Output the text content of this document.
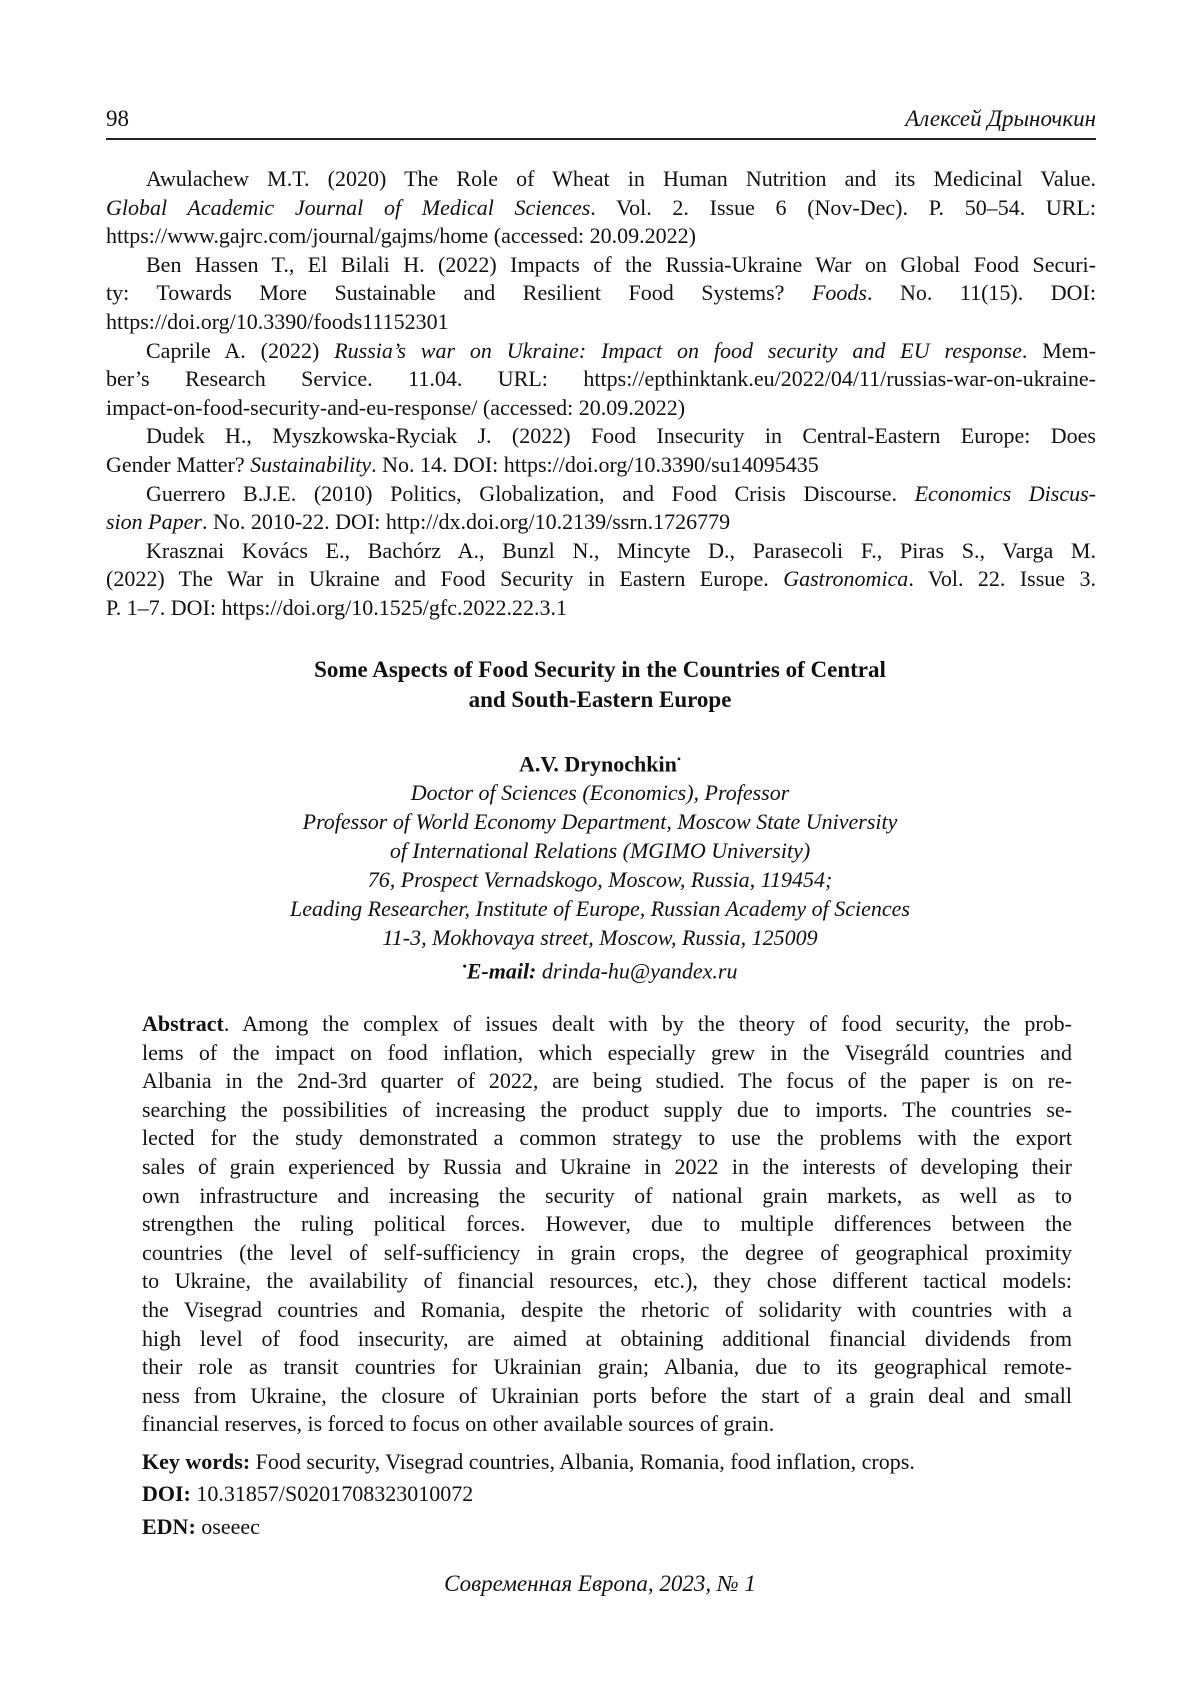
98	Алексей Дрыночкин
Awulachew M.T. (2020) The Role of Wheat in Human Nutrition and its Medicinal Value.
Global Academic Journal of Medical Sciences. Vol. 2. Issue 6 (Nov-Dec). P. 50–54. URL:
https://www.gajrc.com/journal/gajms/home (accessed: 20.09.2022)
Ben Hassen T., El Bilali H. (2022) Impacts of the Russia-Ukraine War on Global Food Securi-
ty: Towards More Sustainable and Resilient Food Systems? Foods. No. 11(15). DOI:
https://doi.org/10.3390/foods11152301
Caprile A. (2022) Russia’s war on Ukraine: Impact on food security and EU response. Mem-
ber’s Research Service. 11.04. URL: https://epthinktank.eu/2022/04/11/russias-war-on-ukraine-
impact-on-food-security-and-eu-response/ (accessed: 20.09.2022)
Dudek H., Myszkowska-Ryciak J. (2022) Food Insecurity in Central-Eastern Europe: Does
Gender Matter? Sustainability. No. 14. DOI: https://doi.org/10.3390/su14095435
Guerrero B.J.E. (2010) Politics, Globalization, and Food Crisis Discourse. Economics Discus-
sion Paper. No. 2010-22. DOI: http://dx.doi.org/10.2139/ssrn.1726779
Krasznai Kovács E., Bachórz A., Bunzl N., Mincyte D., Parasecoli F., Piras S., Varga M.
(2022) The War in Ukraine and Food Security in Eastern Europe. Gastronomica. Vol. 22. Issue 3.
P. 1–7. DOI: https://doi.org/10.1525/gfc.2022.22.3.1
Some Aspects of Food Security in the Countries of Central
and South-Eastern Europe
A.V. Drynochkin•
Doctor of Sciences (Economics), Professor
Professor of World Economy Department, Moscow State University
of International Relations (MGIMO University)
76, Prospect Vernadskogo, Moscow, Russia, 119454;
Leading Researcher, Institute of Europe, Russian Academy of Sciences
11-3, Mokhovaya street, Moscow, Russia, 125009
•E-mail: drinda-hu@yandex.ru
Abstract. Among the complex of issues dealt with by the theory of food security, the prob-
lems of the impact on food inflation, which especially grew in the Visegráld countries and
Albania in the 2nd-3rd quarter of 2022, are being studied. The focus of the paper is on re-
searching the possibilities of increasing the product supply due to imports. The countries se-
lected for the study demonstrated a common strategy to use the problems with the export
sales of grain experienced by Russia and Ukraine in 2022 in the interests of developing their
own infrastructure and increasing the security of national grain markets, as well as to
strengthen the ruling political forces. However, due to multiple differences between the
countries (the level of self-sufficiency in grain crops, the degree of geographical proximity
to Ukraine, the availability of financial resources, etc.), they chose different tactical models:
the Visegrad countries and Romania, despite the rhetoric of solidarity with countries with a
high level of food insecurity, are aimed at obtaining additional financial dividends from
their role as transit countries for Ukrainian grain; Albania, due to its geographical remote-
ness from Ukraine, the closure of Ukrainian ports before the start of a grain deal and small
financial reserves, is forced to focus on other available sources of grain.
Key words: Food security, Visegrad countries, Albania, Romania, food inflation, crops.
DOI: 10.31857/S0201708323010072
EDN: oseeec
Современная Европа, 2023, № 1
